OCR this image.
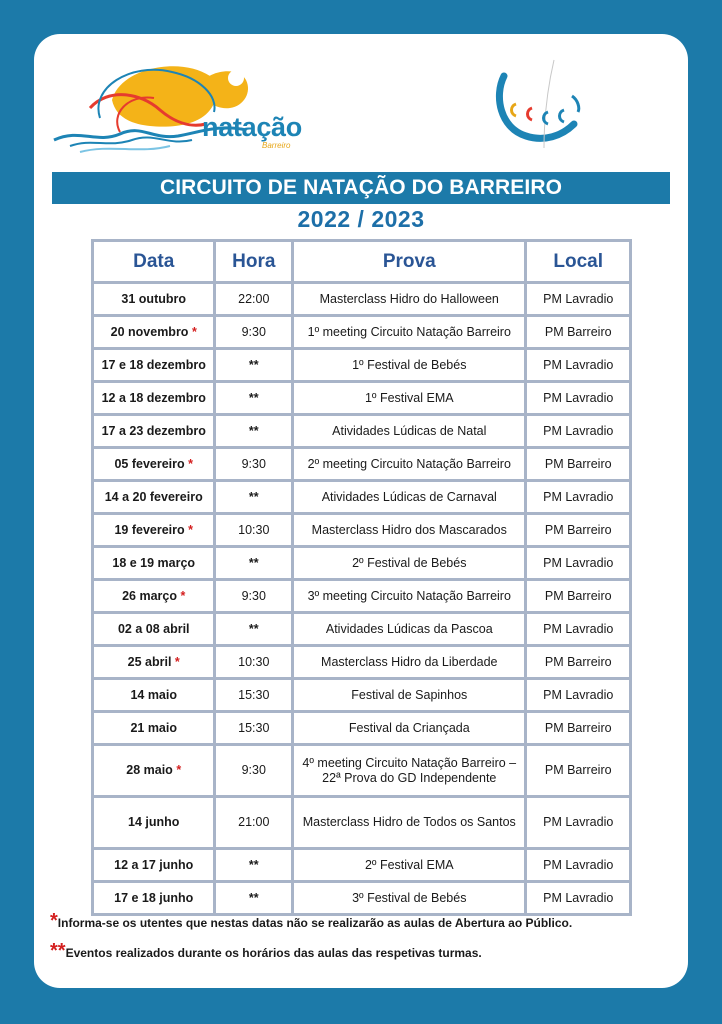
natação
Barreiro
CIRCUITO DE NATAÇÃO DO BARREIRO
2022 / 2023
Data	Hora	Prova	Local
31 outubro	22:00	Masterclass Hidro do Halloween	PM Lavradio
20 novembro *	9:30	1º meeting Circuito Natação Barreiro	PM Barreiro
17 e 18 dezembro	**	1º Festival de Bebés	PM Lavradio
12 a 18 dezembro	**	1º Festival EMA	PM Lavradio
17 a 23 dezembro	**	Atividades Lúdicas de Natal	PM Lavradio
05 fevereiro *	9:30	2º meeting Circuito Natação Barreiro	PM Barreiro
14 a 20 fevereiro	**	Atividades Lúdicas de Carnaval	PM Lavradio
19 fevereiro *	10:30	Masterclass Hidro dos Mascarados	PM Barreiro
18 e 19 março	**	2º Festival de Bebés	PM Lavradio
26 março *	9:30	3º meeting Circuito Natação Barreiro	PM Barreiro
02 a 08 abril	**	Atividades Lúdicas da Pascoa	PM Lavradio
25 abril *	10:30	Masterclass Hidro da Liberdade	PM Barreiro
14 maio	15:30	Festival de Sapinhos	PM Lavradio
21 maio	15:30	Festival da Criançada	PM Barreiro
28 maio *	9:30	4º meeting Circuito Natação Barreiro – 22ª Prova do GD Independente	PM Barreiro
14 junho	21:00	Masterclass Hidro de Todos os Santos	PM Lavradio
12 a 17 junho	**	2º Festival EMA	PM Lavradio
17 e 18 junho	**	3º Festival de Bebés	PM Lavradio
*Informa-se os utentes que nestas datas não se realizarão as aulas de Abertura ao Público.
**Eventos realizados durante os horários das aulas das respetivas turmas.
